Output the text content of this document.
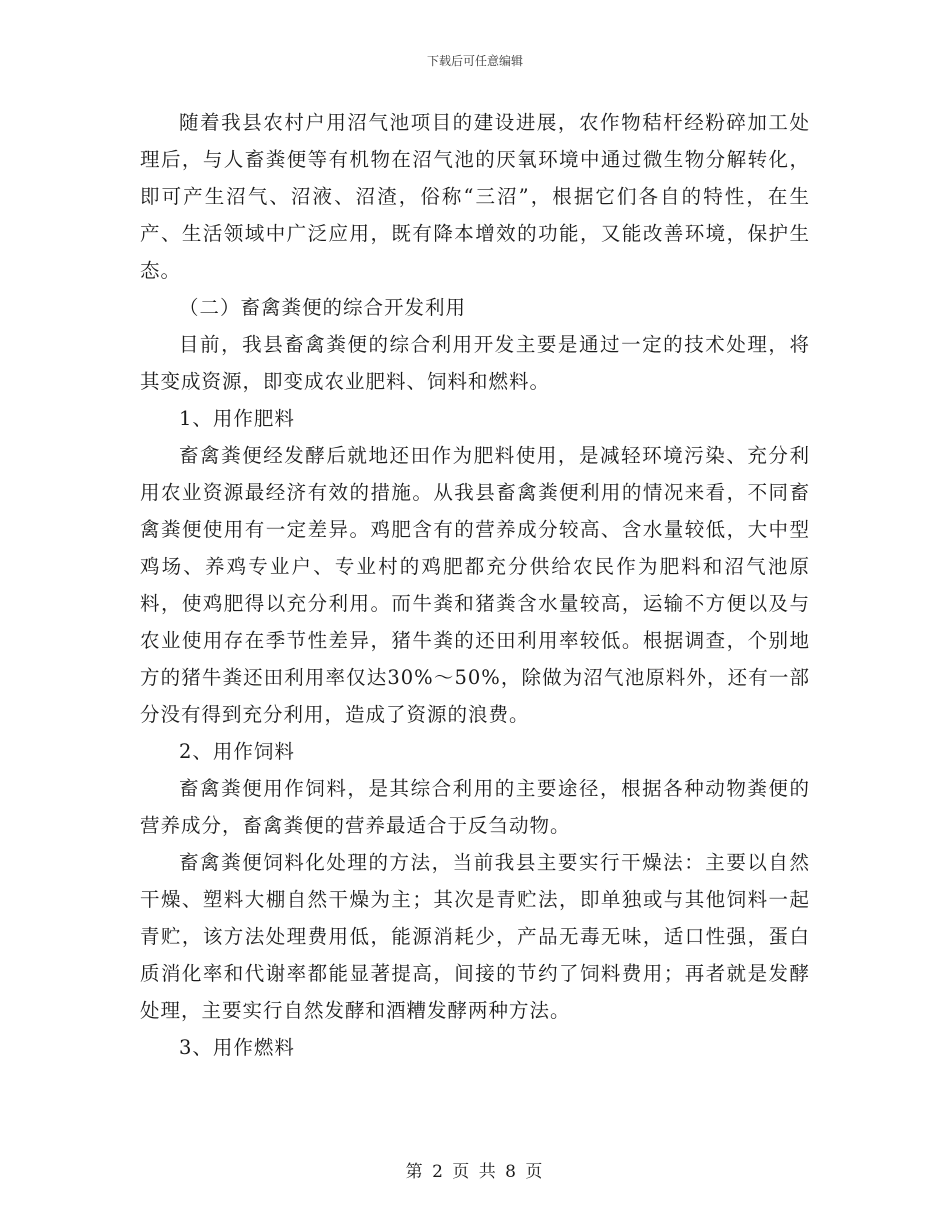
下载后可任意编辑

随着我县农村户用沼气池项目的建设进展，农作物秸杆经粉碎加工处理后，与人畜粪便等有机物在沼气池的厌氧环境中通过微生物分解转化，即可产生沼气、沼液、沼渣，俗称“三沼”，根据它们各自的特性，在生产、生活领域中广泛应用，既有降本增效的功能，又能改善环境，保护生态。

（二）畜禽粪便的综合开发利用

目前，我县畜禽粪便的综合利用开发主要是通过一定的技术处理，将其变成资源，即变成农业肥料、饲料和燃料。

1、用作肥料

畜禽粪便经发酵后就地还田作为肥料使用，是减轻环境污染、充分利用农业资源最经济有效的措施。从我县畜禽粪便利用的情况来看，不同畜禽粪便使用有一定差异。鸡肥含有的营养成分较高、含水量较低，大中型鸡场、养鸡专业户、专业村的鸡肥都充分供给农民作为肥料和沼气池原料，使鸡肥得以充分利用。而牛粪和猪粪含水量较高，运输不方便以及与农业使用存在季节性差异，猪牛粪的还田利用率较低。根据调查，个别地方的猪牛粪还田利用率仅达30%～50%，除做为沼气池原料外，还有一部分没有得到充分利用，造成了资源的浪费。

2、用作饲料

畜禽粪便用作饲料，是其综合利用的主要途径，根据各种动物粪便的营养成分，畜禽粪便的营养最适合于反刍动物。

畜禽粪便饲料化处理的方法，当前我县主要实行干燥法：主要以自然干燥、塑料大棚自然干燥为主；其次是青贮法，即单独或与其他饲料一起青贮，该方法处理费用低，能源消耗少，产品无毒无味，适口性强，蛋白质消化率和代谢率都能显著提高，间接的节约了饲料费用；再者就是发酵处理，主要实行自然发酵和酒糟发酵两种方法。

3、用作燃料

第 2 页 共 8 页
